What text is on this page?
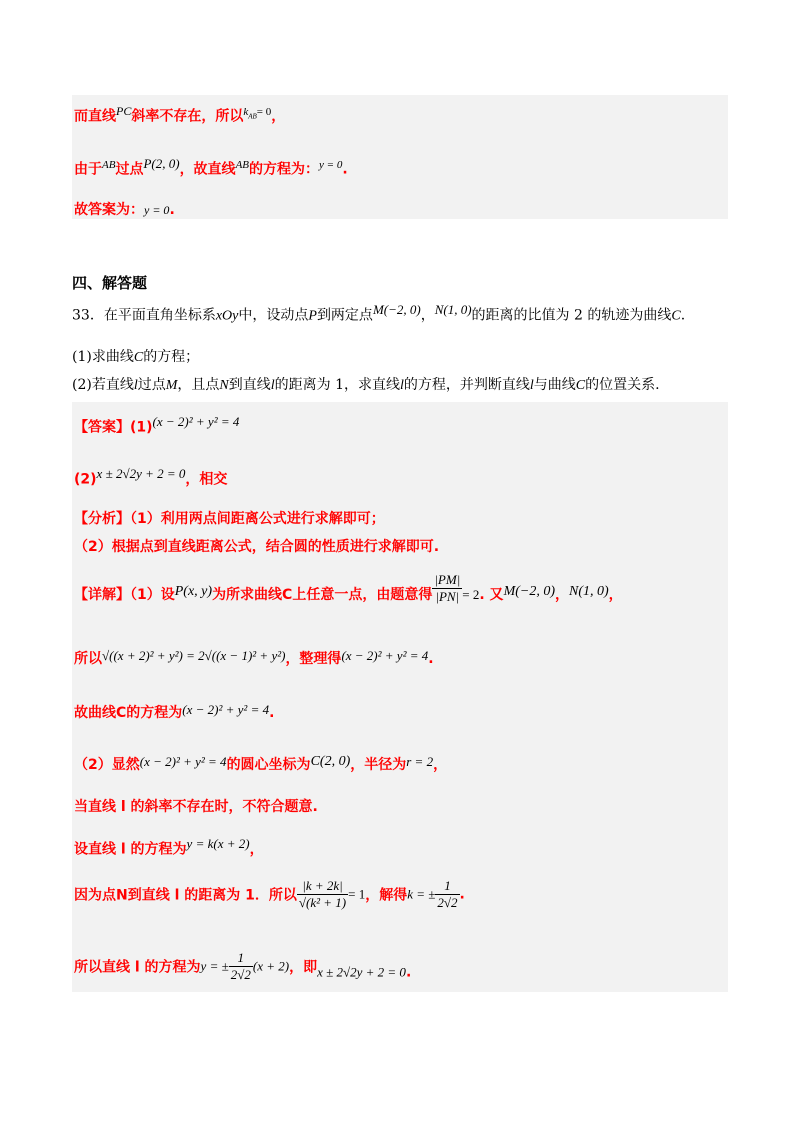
而直线$^{PC}$斜率不存在，所以$^{k_{AB}= 0}$，
由于$^{AB}$过点$^{P(2, 0)}$，故直线$^{AB}$的方程为：$^{y = 0}$.
故答案为：y = 0.
四、解答题
33．在平面直角坐标系xOy中，设动点P到两定点$^{M(-2, 0)}$，$^{N(1, 0)}$的距离的比值为 2 的轨迹为曲线C.
(1)求曲线C的方程；
(2)若直线l过点M，且点N到直线l的距离为 1，求直线l的方程，并判断直线l与曲线C的位置关系.
【答案】$(1)^{(x - 2)^2 + y^2 = 4}$
$(2)^{x \pm 2√2y + 2 = 0}$，相交
【分析】（1）利用两点间距离公式进行求解即可；
（2）根据点到直线距离公式，结合圆的性质进行求解即可.
【详解】（1）设P(x, y)为所求曲线C上任意一点，由题意得 $\frac{|PM|}{|PN|} = 2$. 又M(−2, 0)，N(1, 0)，
所以√((x + 2)² + y²) = 2√((x − 1)² + y²)，整理得(x − 2)² + y² = 4.
故曲线C的方程为(x − 2)² + y² = 4.
（2）显然(x − 2)² + y² = 4的圆心坐标为C(2, 0)，半径为r = 2，
当直线 l 的斜率不存在时，不符合题意.
设直线 l 的方程为$^{y = k(x + 2)}$，
因为点N到直线 l 的距离为 1．所以 $\frac{|k + 2k|}{\text{√(k² + 1)}} = 1$，解得k = ± $\frac{1}{2√2}$ .
所以直线 l 的方程为y = ± $\frac{1}{2√2} (x + 2)$，即x ± 2√2y + 2 = 0.
